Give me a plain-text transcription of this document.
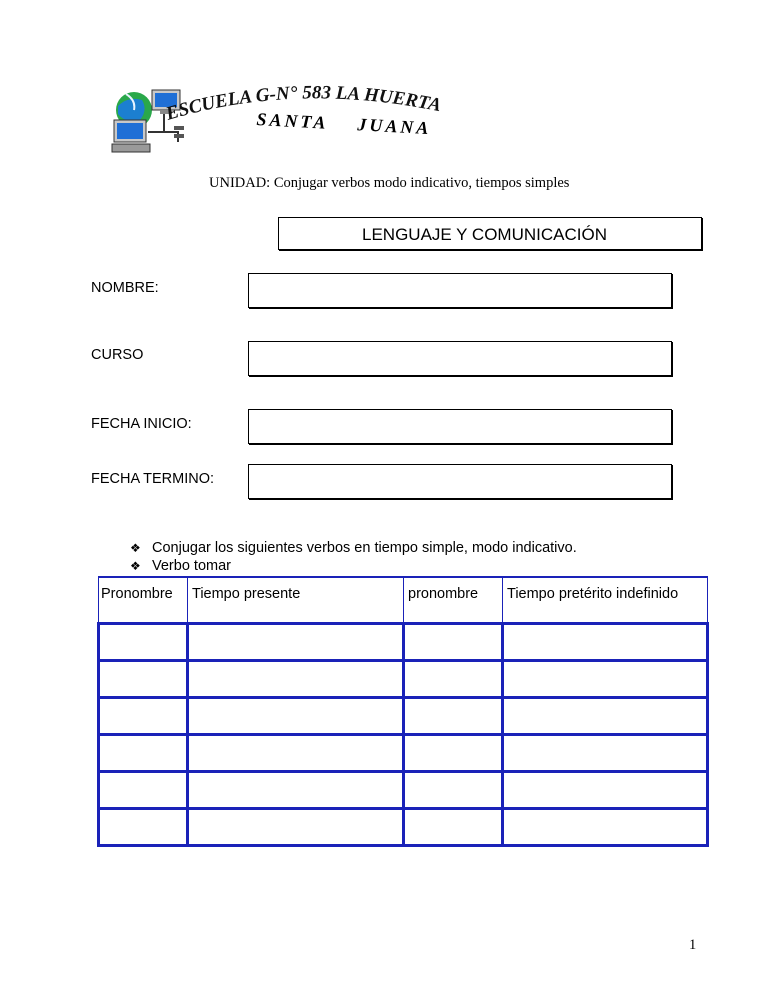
ESCUELA G-N° 583 LA HUERTA
SANTA    JUANA
UNIDAD: Conjugar verbos modo indicativo, tiempos simples
LENGUAJE Y COMUNICACIÓN
NOMBRE:
CURSO
FECHA INICIO:
FECHA TERMINO:
❖ Conjugar los siguientes verbos en tiempo simple, modo indicativo.
❖ Verbo tomar
Pronombre	Tiempo presente	pronombre	Tiempo pretérito indefinido

1
